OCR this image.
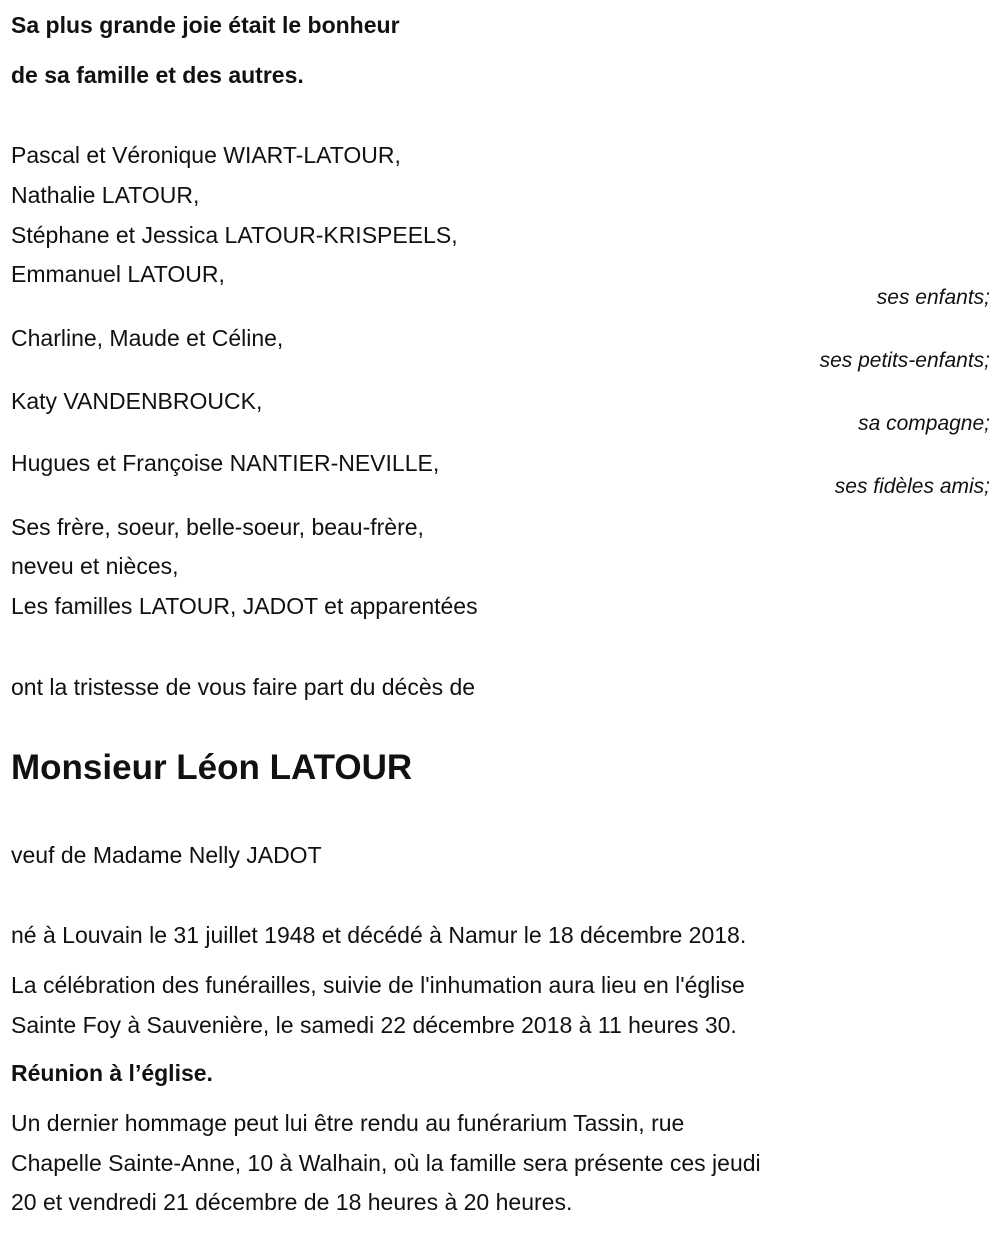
Sa plus grande joie était le bonheur
de sa famille et des autres.
Pascal et Véronique WIART-LATOUR,
Nathalie LATOUR,
Stéphane et Jessica LATOUR-KRISPEELS,
Emmanuel LATOUR,
ses enfants;
Charline, Maude et Céline,
ses petits-enfants;
Katy VANDENBROUCK,
sa compagne;
Hugues et Françoise NANTIER-NEVILLE,
ses fidèles amis;
Ses frère, soeur, belle-soeur, beau-frère,
neveu et nièces,
Les familles LATOUR, JADOT et apparentées
ont la tristesse de vous faire part du décès de
Monsieur Léon LATOUR
veuf de Madame Nelly JADOT
né à Louvain le 31 juillet 1948 et décédé à Namur le 18 décembre 2018.
La célébration des funérailles, suivie de l'inhumation aura lieu en l'église
Sainte Foy à Sauvenière, le samedi 22 décembre 2018 à 11 heures 30.
Réunion à l’église.
Un dernier hommage peut lui être rendu au funérarium Tassin, rue
Chapelle Sainte-Anne, 10 à Walhain, où la famille sera présente ces jeudi
20 et vendredi 21 décembre de 18 heures à 20 heures.
